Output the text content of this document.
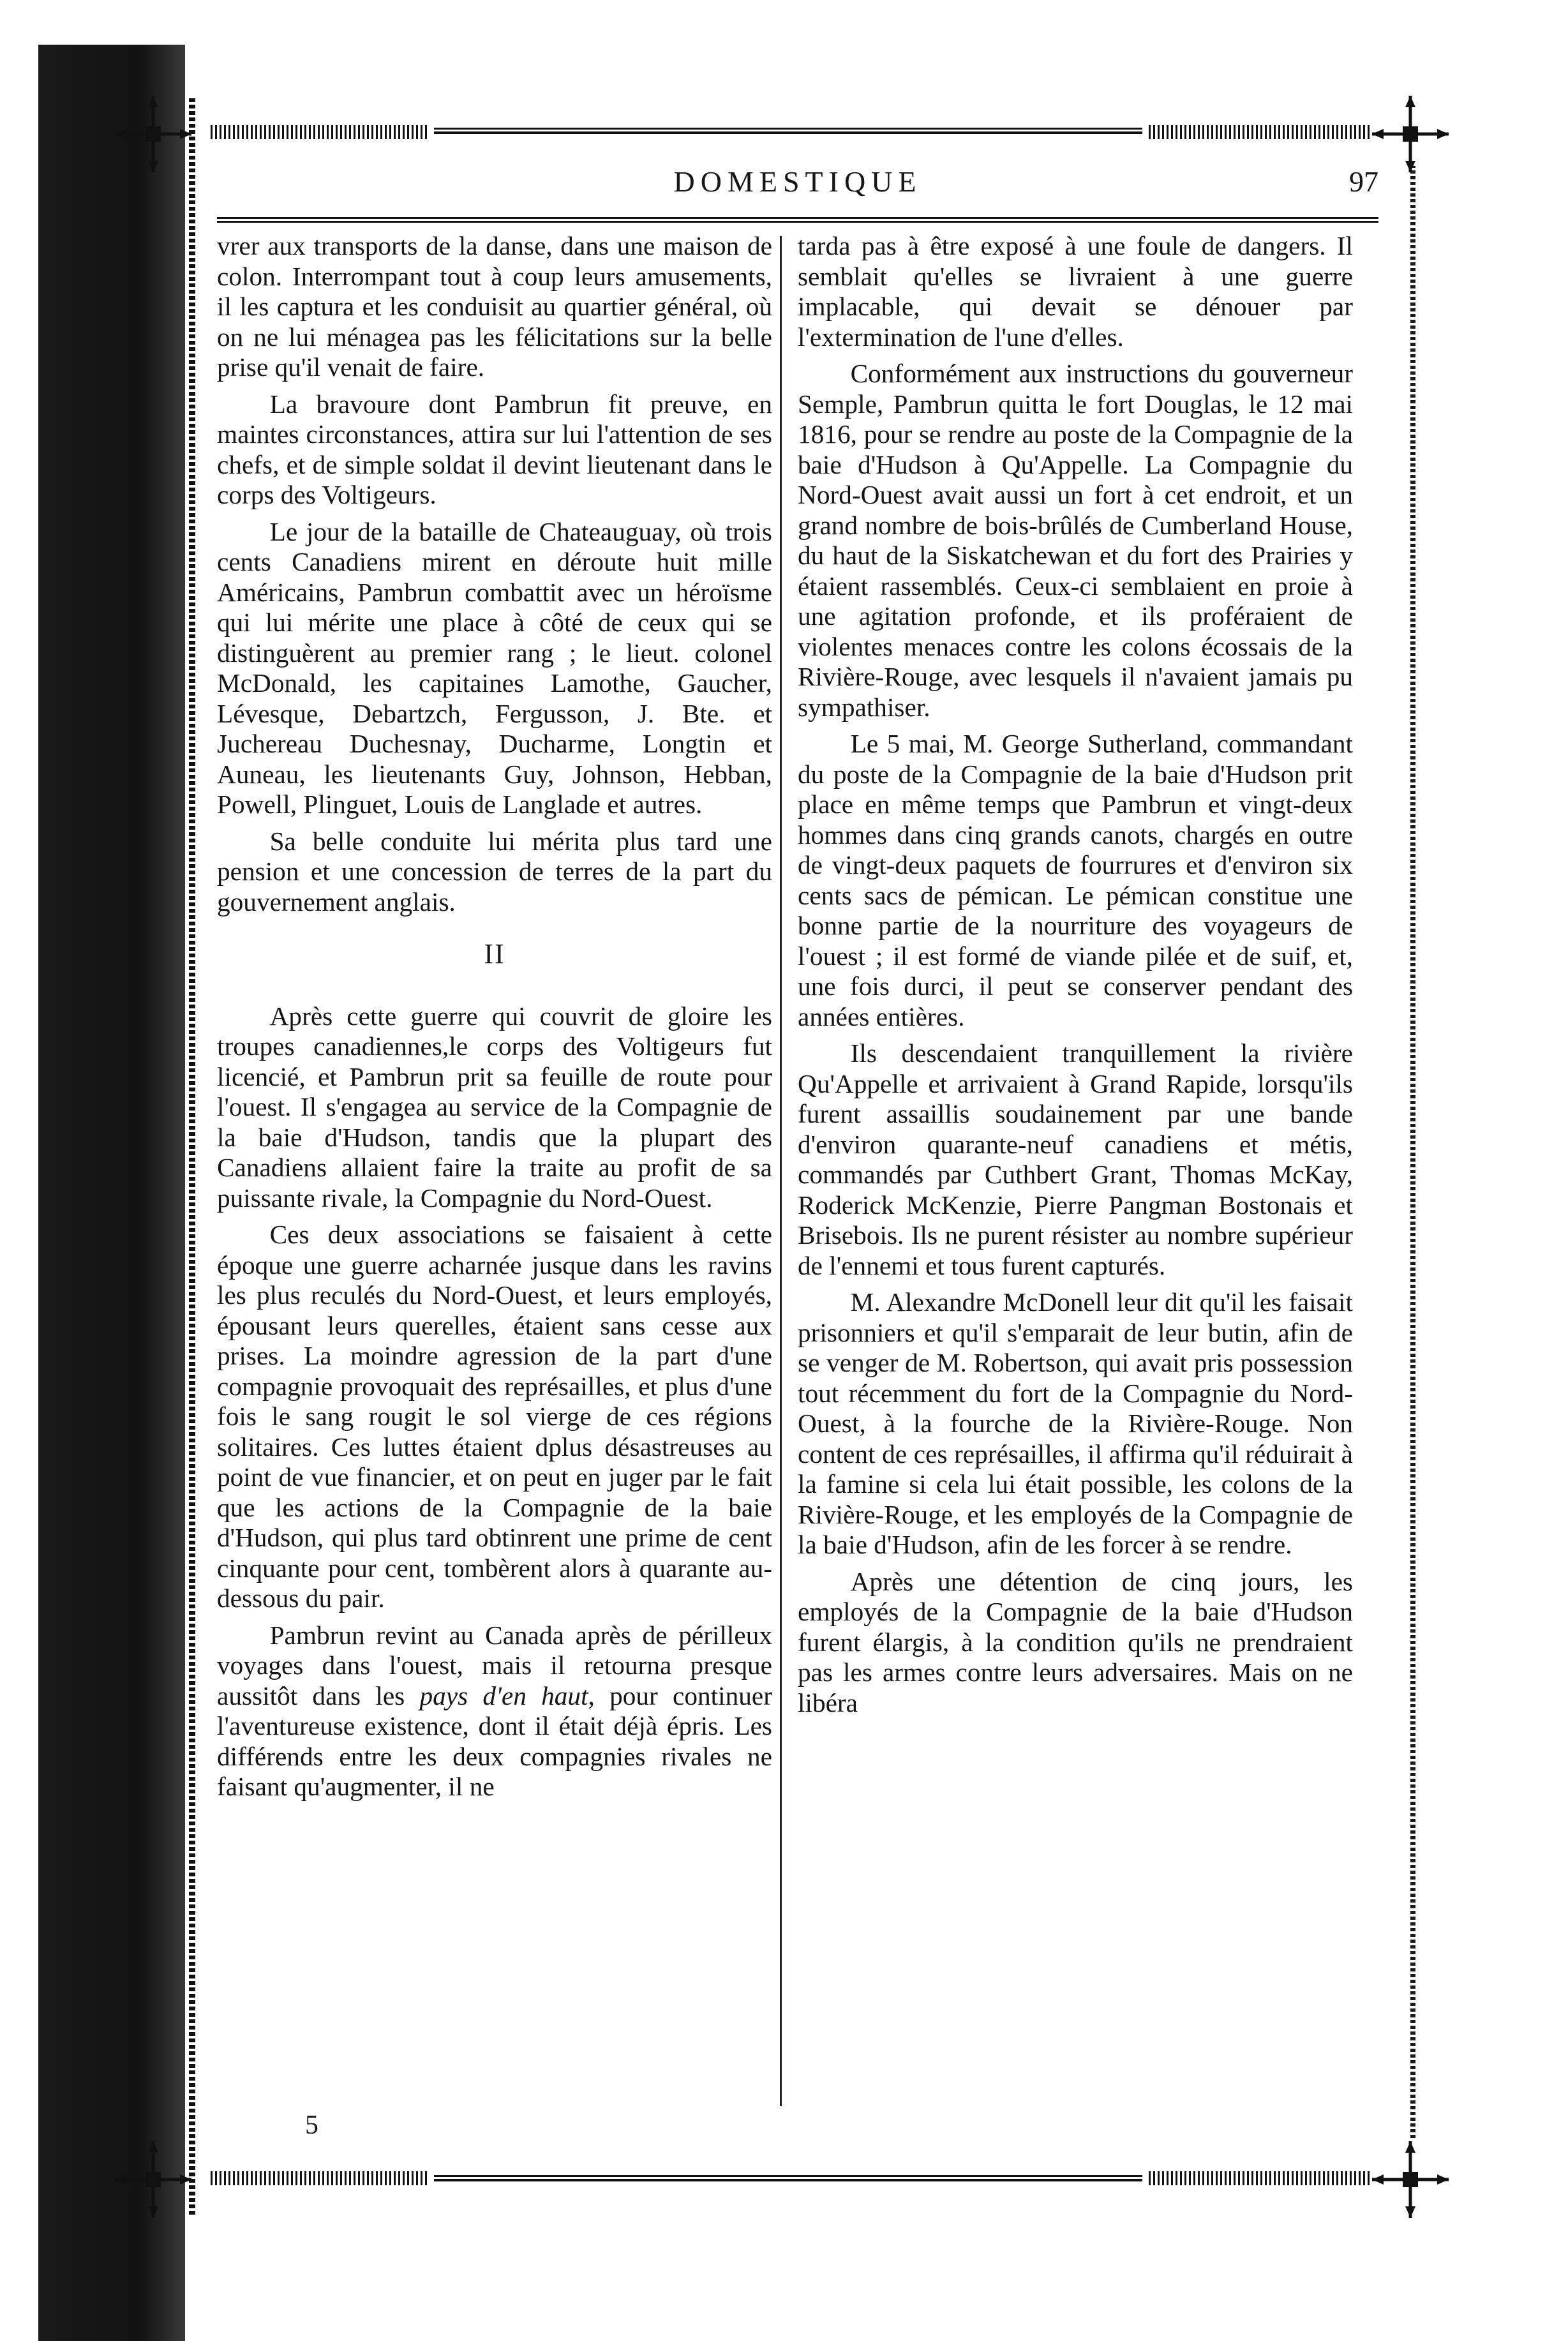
DOMESTIQUE	97

vrer aux transports de la danse, dans une maison de colon. Interrompant tout à coup leurs amusements, il les captura et les conduisit au quartier général, où on ne lui ménagea pas les félicitations sur la belle prise qu'il venait de faire.

La bravoure dont Pambrun fit preuve, en maintes circonstances, attira sur lui l'attention de ses chefs, et de simple soldat il devint lieutenant dans le corps des Voltigeurs.

Le jour de la bataille de Chateauguay, où trois cents Canadiens mirent en déroute huit mille Américains, Pambrun combattit avec un héroïsme qui lui mérite une place à côté de ceux qui se distinguèrent au premier rang ; le lieut. colonel McDonald, les capitaines Lamothe, Gaucher, Lévesque, Debartzch, Fergusson, J. Bte. et Juchereau Duchesnay, Ducharme, Longtin et Auneau, les lieutenants Guy, Johnson, Hebban, Powell, Plinguet, Louis de Langlade et autres.

Sa belle conduite lui mérita plus tard une pension et une concession de terres de la part du gouvernement anglais.

II

Après cette guerre qui couvrit de gloire les troupes canadiennes,le corps des Voltigeurs fut licencié, et Pambrun prit sa feuille de route pour l'ouest. Il s'engagea au service de la Compagnie de la baie d'Hudson, tandis que la plupart des Canadiens allaient faire la traite au profit de sa puissante rivale, la Compagnie du Nord-Ouest.

Ces deux associations se faisaient à cette époque une guerre acharnée jusque dans les ravins les plus reculés du Nord-Ouest, et leurs employés, épousant leurs querelles, étaient sans cesse aux prises. La moindre agression de la part d'une compagnie provoquait des représailles, et plus d'une fois le sang rougit le sol vierge de ces régions solitaires. Ces luttes étaient dplus désastreuses au point de vue financier, et on peut en juger par le fait que les actions de la Compagnie de la baie d'Hudson, qui plus tard obtinrent une prime de cent cinquante pour cent, tombèrent alors à quarante au-dessous du pair.

Pambrun revint au Canada après de périlleux voyages dans l'ouest, mais il retourna presque aussitôt dans les pays d'en haut, pour continuer l'aventureuse existence, dont il était déjà épris. Les différends entre les deux compagnies rivales ne faisant qu'augmenter, il ne

tarda pas à être exposé à une foule de dangers. Il semblait qu'elles se livraient à une guerre implacable, qui devait se dénouer par l'extermination de l'une d'elles.

Conformément aux instructions du gouverneur Semple, Pambrun quitta le fort Douglas, le 12 mai 1816, pour se rendre au poste de la Compagnie de la baie d'Hudson à Qu'Appelle. La Compagnie du Nord-Ouest avait aussi un fort à cet endroit, et un grand nombre de bois-brûlés de Cumberland House, du haut de la Siskatchewan et du fort des Prairies y étaient rassemblés. Ceux-ci semblaient en proie à une agitation profonde, et ils proféraient de violentes menaces contre les colons écossais de la Rivière-Rouge, avec lesquels il n'avaient jamais pu sympathiser.

Le 5 mai, M. George Sutherland, commandant du poste de la Compagnie de la baie d'Hudson prit place en même temps que Pambrun et vingt-deux hommes dans cinq grands canots, chargés en outre de vingt-deux paquets de fourrures et d'environ six cents sacs de pémican. Le pémican constitue une bonne partie de la nourriture des voyageurs de l'ouest ; il est formé de viande pilée et de suif, et, une fois durci, il peut se conserver pendant des années entières.

Ils descendaient tranquillement la rivière Qu'Appelle et arrivaient à Grand Rapide, lorsqu'ils furent assaillis soudainement par une bande d'environ quarante-neuf canadiens et métis, commandés par Cuthbert Grant, Thomas McKay, Roderick McKenzie, Pierre Pangman Bostonais et Brisebois. Ils ne purent résister au nombre supérieur de l'ennemi et tous furent capturés.

M. Alexandre McDonell leur dit qu'il les faisait prisonniers et qu'il s'emparait de leur butin, afin de se venger de M. Robertson, qui avait pris possession tout récemment du fort de la Compagnie du Nord-Ouest, à la fourche de la Rivière-Rouge. Non content de ces représailles, il affirma qu'il réduirait à la famine si cela lui était possible, les colons de la Rivière-Rouge, et les employés de la Compagnie de la baie d'Hudson, afin de les forcer à se rendre.

Après une détention de cinq jours, les employés de la Compagnie de la baie d'Hudson furent élargis, à la condition qu'ils ne prendraient pas les armes contre leurs adversaires. Mais on ne libéra

5
